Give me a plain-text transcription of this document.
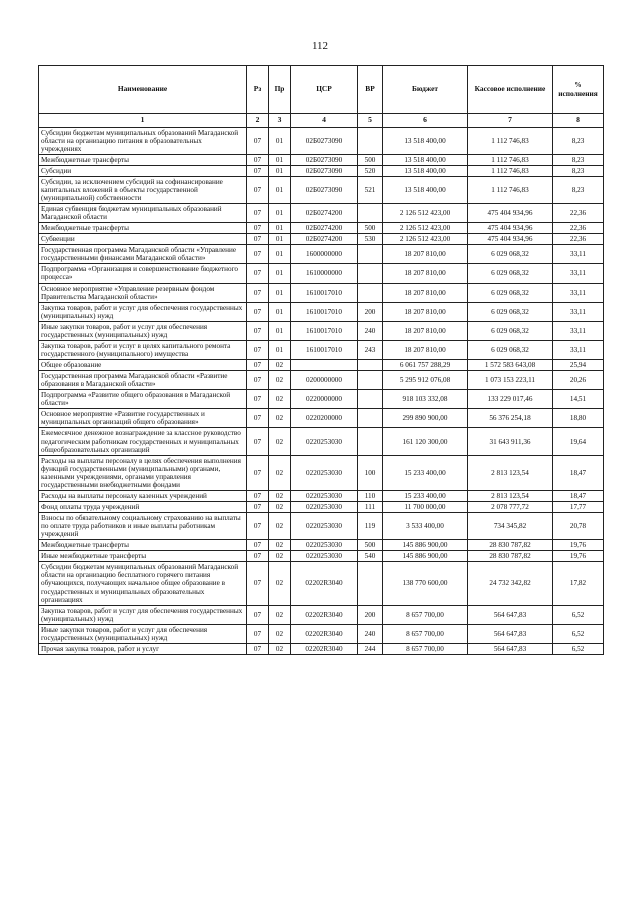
112
Наименование	Рз	Пр	ЦСР	ВР	Бюджет	Кассовое исполнение	% исполнения
1	2	3	4	5	6	7	8
Субсидии бюджетам муниципальных образований Магаданской области на организацию питания в образовательных учреждениях	07	01	02Б0273090		13 518 400,00	1 112 746,83	8,23
Межбюджетные трансферты	07	01	02Б0273090	500	13 518 400,00	1 112 746,83	8,23
Субсидии	07	01	02Б0273090	520	13 518 400,00	1 112 746,83	8,23
Субсидии, за исключением субсидий на софинансирование капитальных вложений в объекты государственной (муниципальной) собственности	07	01	02Б0273090	521	13 518 400,00	1 112 746,83	8,23
Единая субвенция бюджетам муниципальных образований Магаданской области	07	01	02Б0274200		2 126 512 423,00	475 404 934,96	22,36
Межбюджетные трансферты	07	01	02Б0274200	500	2 126 512 423,00	475 404 934,96	22,36
Субвенции	07	01	02Б0274200	530	2 126 512 423,00	475 404 934,96	22,36
Государственная программа Магаданской области «Управление государственными финансами Магаданской области»	07	01	1600000000		18 207 810,00	6 029 068,32	33,11
Подпрограмма «Организация и совершенствование бюджетного процесса»	07	01	1610000000		18 207 810,00	6 029 068,32	33,11
Основное мероприятие «Управление резервным фондом Правительства Магаданской области»	07	01	1610017010		18 207 810,00	6 029 068,32	33,11
Закупка товаров, работ и услуг для обеспечения государственных (муниципальных) нужд	07	01	1610017010	200	18 207 810,00	6 029 068,32	33,11
Иные закупки товаров, работ и услуг для обеспечения государственных (муниципальных) нужд	07	01	1610017010	240	18 207 810,00	6 029 068,32	33,11
Закупка товаров, работ и услуг в целях капитального ремонта государственного (муниципального) имущества	07	01	1610017010	243	18 207 810,00	6 029 068,32	33,11
Общее образование	07	02			6 061 757 288,29	1 572 583 643,08	25,94
Государственная программа Магаданской области «Развитие образования в Магаданской области»	07	02	0200000000		5 295 912 076,08	1 073 153 223,11	20,26
Подпрограмма «Развитие общего образования в Магаданской области»	07	02	0220000000		918 103 332,08	133 229 017,46	14,51
Основное мероприятие «Развитие государственных и муниципальных организаций общего образования»	07	02	0220200000		299 890 900,00	56 376 254,18	18,80
Ежемесячное денежное вознаграждение за классное руководство педагогическим работникам государственных и муниципальных общеобразовательных организаций	07	02	0220253030		161 120 300,00	31 643 911,36	19,64
Расходы на выплаты персоналу в целях обеспечения выполнения функций государственными (муниципальными) органами, казенными учреждениями, органами управления государственными внебюджетными фондами	07	02	0220253030	100	15 233 400,00	2 813 123,54	18,47
Расходы на выплаты персоналу казенных учреждений	07	02	0220253030	110	15 233 400,00	2 813 123,54	18,47
Фонд оплаты труда учреждений	07	02	0220253030	111	11 700 000,00	2 078 777,72	17,77
Взносы по обязательному социальному страхованию на выплаты по оплате труда работников и иные выплаты работникам учреждений	07	02	0220253030	119	3 533 400,00	734 345,82	20,78
Межбюджетные трансферты	07	02	0220253030	500	145 886 900,00	28 830 787,82	19,76
Иные межбюджетные трансферты	07	02	0220253030	540	145 886 900,00	28 830 787,82	19,76
Субсидии бюджетам муниципальных образований Магаданской области на организацию бесплатного горячего питания обучающихся, получающих начальное общее образование в государственных и муниципальных образовательных организациях	07	02	02202R3040		138 770 600,00	24 732 342,82	17,82
Закупка товаров, работ и услуг для обеспечения государственных (муниципальных) нужд	07	02	02202R3040	200	8 657 700,00	564 647,83	6,52
Иные закупки товаров, работ и услуг для обеспечения государственных (муниципальных) нужд	07	02	02202R3040	240	8 657 700,00	564 647,83	6,52
Прочая закупка товаров, работ и услуг	07	02	02202R3040	244	8 657 700,00	564 647,83	6,52
